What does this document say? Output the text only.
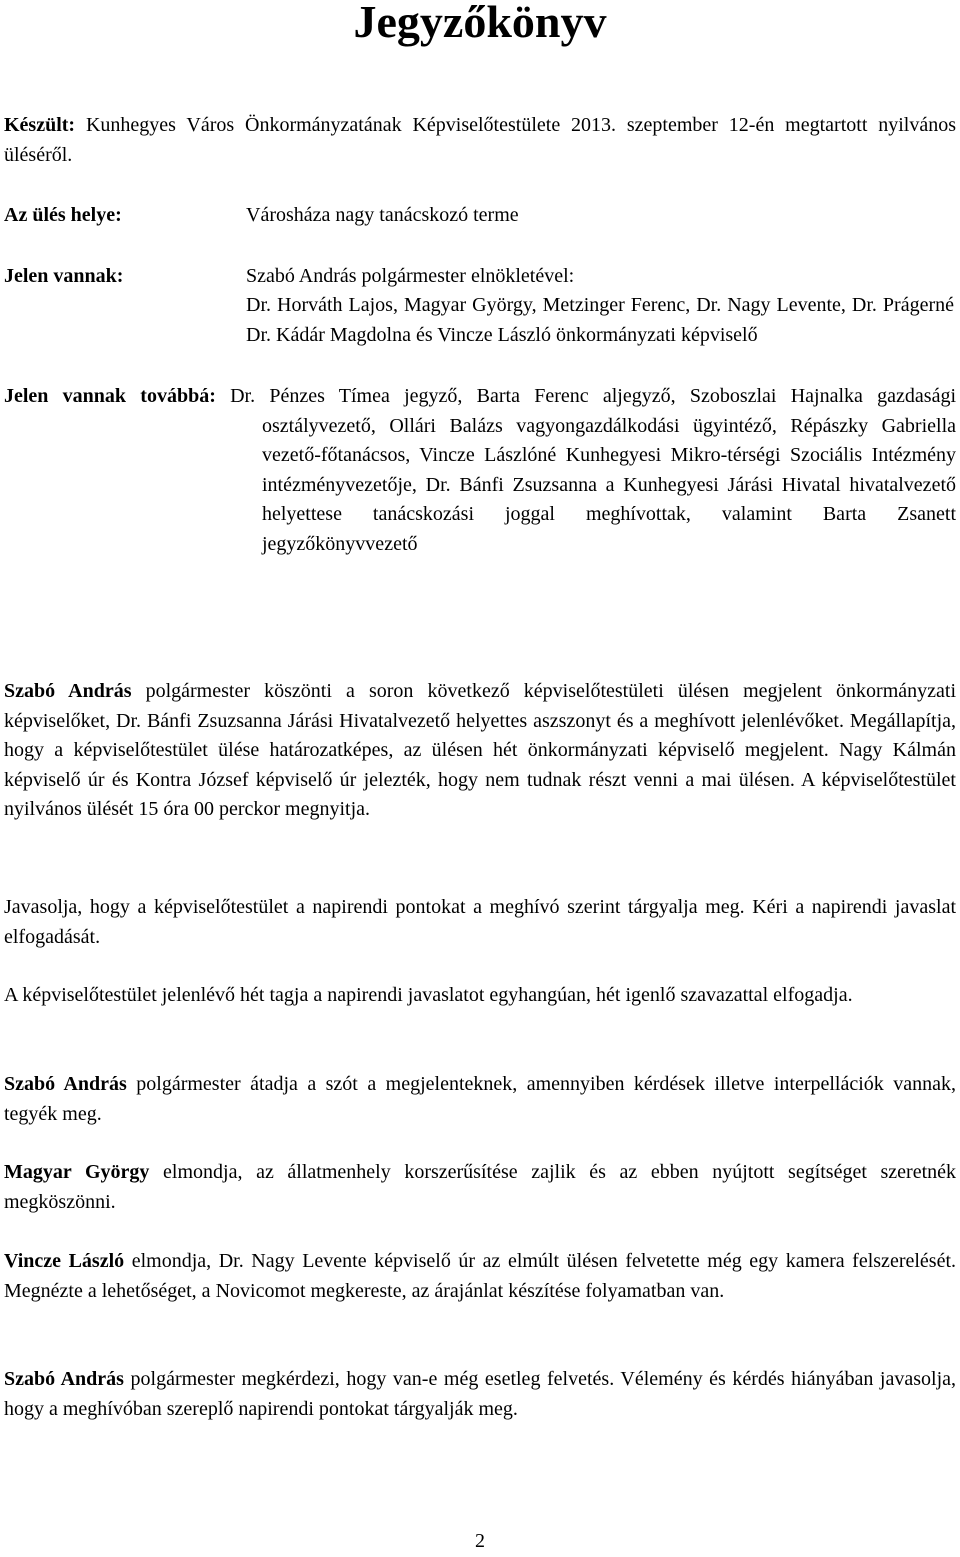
Jegyzőkönyv
Készült: Kunhegyes Város Önkormányzatának Képviselőtestülete 2013. szeptember 12-én megtartott nyilvános üléséről.
Az ülés helye:	Városháza nagy tanácskozó terme
Jelen vannak:	Szabó András polgármester elnökletével:
Dr. Horváth Lajos, Magyar György, Metzinger Ferenc, Dr. Nagy Levente, Dr. Prágerné Dr. Kádár Magdolna és Vincze László önkormányzati képviselő
Jelen vannak továbbá: Dr. Pénzes Tímea jegyző, Barta Ferenc aljegyző, Szoboszlai Hajnalka gazdasági osztályvezető, Ollári Balázs vagyongazdálkodási ügyintéző, Répászky Gabriella vezető-főtanácsos, Vincze Lászlóné Kunhegyesi Mikro-térségi Szociális Intézmény intézményvezetője, Dr. Bánfi Zsuzsanna a Kunhegyesi Járási Hivatal hivatalvezető helyettese tanácskozási joggal meghívottak, valamint Barta Zsanett jegyzőkönyvvezető
Szabó András polgármester köszönti a soron következő képviselőtestületi ülésen megjelent önkormányzati képviselőket, Dr. Bánfi Zsuzsanna Járási Hivatalvezető helyettes aszszonyt és a meghívott jelenlévőket. Megállapítja, hogy a képviselőtestület ülése határozatképes, az ülésen hét önkormányzati képviselő megjelent. Nagy Kálmán képviselő úr és Kontra József képviselő úr jelezték, hogy nem tudnak részt venni a mai ülésen. A képviselőtestület nyilvános ülését 15 óra 00 perckor megnyitja.
Javasolja, hogy a képviselőtestület a napirendi pontokat a meghívó szerint tárgyalja meg. Kéri a napirendi javaslat elfogadását.
A képviselőtestület jelenlévő hét tagja a napirendi javaslatot egyhangúan, hét igenlő szavazattal elfogadja.
Szabó András polgármester átadja a szót a megjelenteknek, amennyiben kérdések illetve interpellációk vannak, tegyék meg.
Magyar György elmondja, az állatmenhely korszerűsítése zajlik és az ebben nyújtott segítséget szeretnék megköszönni.
Vincze László elmondja, Dr. Nagy Levente képviselő úr az elmúlt ülésen felvetette még egy kamera felszerelését. Megnézte a lehetőséget, a Novicomot megkereste, az árajánlat készítése folyamatban van.
Szabó András polgármester megkérdezi, hogy van-e még esetleg felvetés. Vélemény és kérdés hiányában javasolja, hogy a meghívóban szereplő napirendi pontokat tárgyalják meg.
2
